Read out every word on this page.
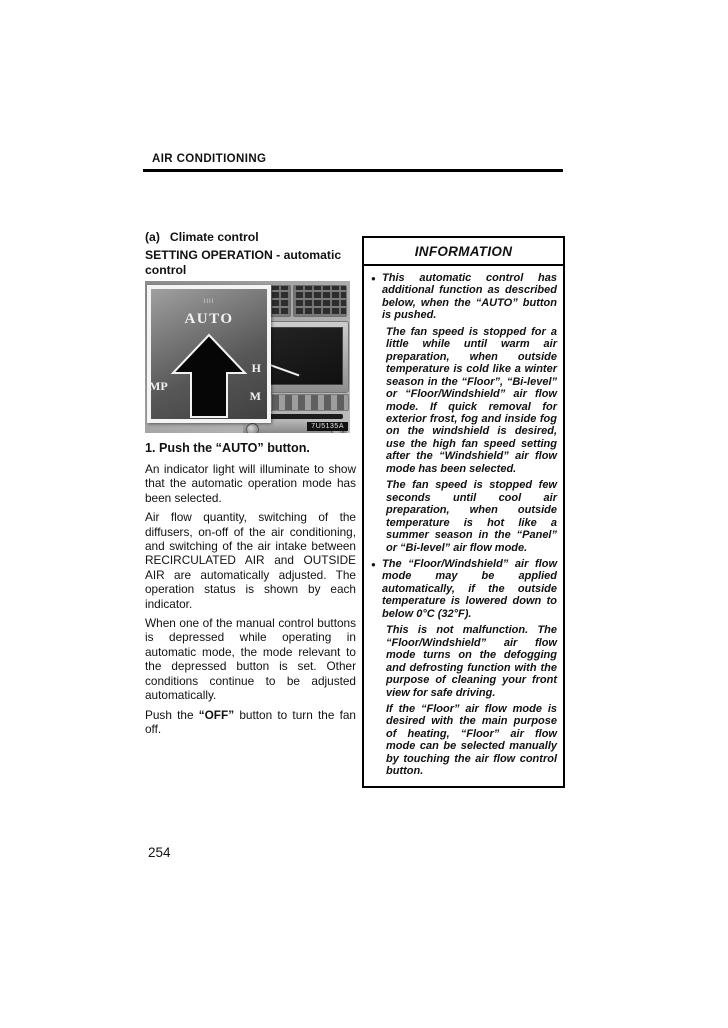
AIR CONDITIONING
(a) Climate control
SETTING OPERATION - automatic control
IIII
AUTO
H
M
MP
7U5135A
1. Push the “AUTO” button.

An indicator light will illuminate to show that the automatic operation mode has been selected.

Air flow quantity, switching of the diffusers, on-off of the air conditioning, and switching of the air intake between RECIRCULATED AIR and OUTSIDE AIR are automatically adjusted. The operation status is shown by each indicator.

When one of the manual control buttons is depressed while operating in automatic mode, the mode relevant to the depressed button is set. Other conditions continue to be adjusted automatically.

Push the “OFF” button to turn the fan off.

INFORMATION

● This automatic control has additional function as described below, when the “AUTO” button is pushed.

The fan speed is stopped for a little while until warm air preparation, when outside temperature is cold like a winter season in the “Floor”, “Bi-level” or “Floor/Windshield” air flow mode. If quick removal for exterior frost, fog and inside fog on the windshield is desired, use the high fan speed setting after the “Windshield” air flow mode has been selected.

The fan speed is stopped few seconds until cool air preparation, when outside temperature is hot like a summer season in the “Panel” or “Bi-level” air flow mode.

● The “Floor/Windshield” air flow mode may be applied automatically, if the outside temperature is lowered down to below 0°C (32°F).

This is not malfunction. The “Floor/Windshield” air flow mode turns on the defogging and defrosting function with the purpose of cleaning your front view for safe driving.

If the “Floor” air flow mode is desired with the main purpose of heating, “Floor” air flow mode can be selected manually by touching the air flow control button.

254
